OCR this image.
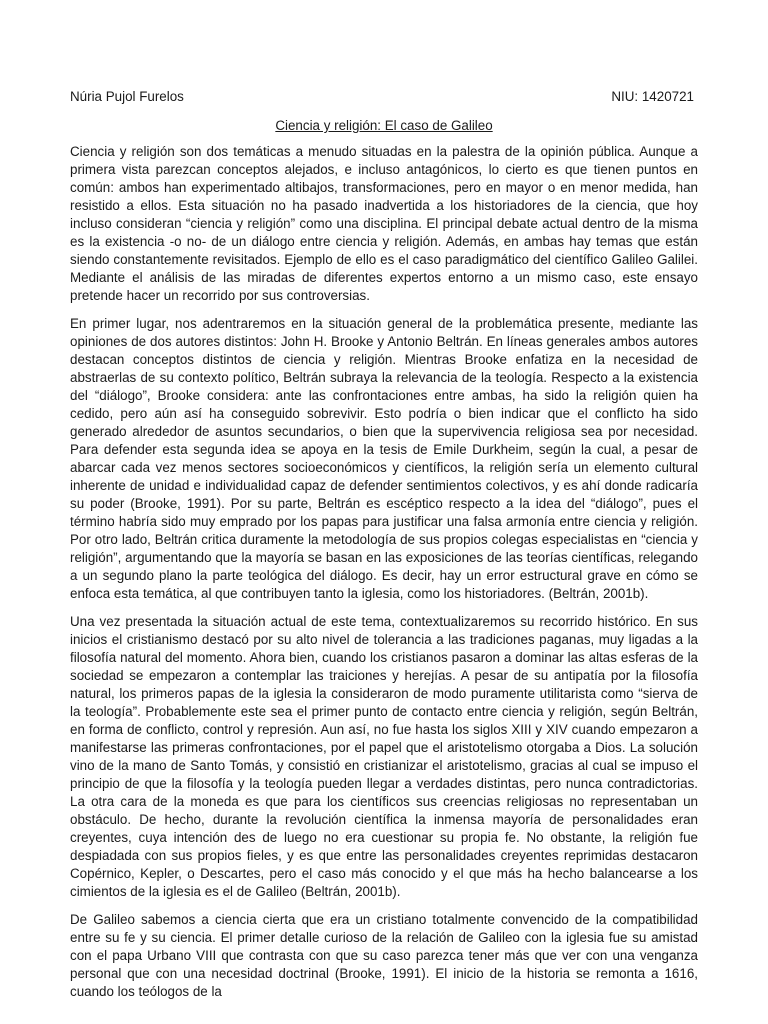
Núria Pujol Furelos	NIU: 1420721
Ciencia y religión: El caso de Galileo

Ciencia y religión son dos temáticas a menudo situadas en la palestra de la opinión pública. Aunque a primera vista parezcan conceptos alejados, e incluso antagónicos, lo cierto es que tienen puntos en común: ambos han experimentado altibajos, transformaciones, pero en mayor o en menor medida, han resistido a ellos. Esta situación no ha pasado inadvertida a los historiadores de la ciencia, que hoy incluso consideran “ciencia y religión” como una disciplina. El principal debate actual dentro de la misma es la existencia -o no- de un diálogo entre ciencia y religión. Además, en ambas hay temas que están siendo constantemente revisitados. Ejemplo de ello es el caso paradigmático del científico Galileo Galilei. Mediante el análisis de las miradas de diferentes expertos entorno a un mismo caso, este ensayo pretende hacer un recorrido por sus controversias.

En primer lugar, nos adentraremos en la situación general de la problemática presente, mediante las opiniones de dos autores distintos: John H. Brooke y Antonio Beltrán. En líneas generales ambos autores destacan conceptos distintos de ciencia y religión. Mientras Brooke enfatiza en la necesidad de abstraerlas de su contexto político, Beltrán subraya la relevancia de la teología. Respecto a la existencia del “diálogo”, Brooke considera: ante las confrontaciones entre ambas, ha sido la religión quien ha cedido, pero aún así ha conseguido sobrevivir. Esto podría o bien indicar que el conflicto ha sido generado alrededor de asuntos secundarios, o bien que la supervivencia religiosa sea por necesidad. Para defender esta segunda idea se apoya en la tesis de Emile Durkheim, según la cual, a pesar de abarcar cada vez menos sectores socioeconómicos y científicos, la religión sería un elemento cultural inherente de unidad e individualidad capaz de defender sentimientos colectivos, y es ahí donde radicaría su poder (Brooke, 1991). Por su parte, Beltrán es escéptico respecto a la idea del “diálogo”, pues el término habría sido muy emprado por los papas para justificar una falsa armonía entre ciencia y religión. Por otro lado, Beltrán critica duramente la metodología de sus propios colegas especialistas en “ciencia y religión”, argumentando que la mayoría se basan en las exposiciones de las teorías científicas, relegando a un segundo plano la parte teológica del diálogo. Es decir, hay un error estructural grave en cómo se enfoca esta temática, al que contribuyen tanto la iglesia, como los historiadores. (Beltrán, 2001b).

Una vez presentada la situación actual de este tema, contextualizaremos su recorrido histórico. En sus inicios el cristianismo destacó por su alto nivel de tolerancia a las tradiciones paganas, muy ligadas a la filosofía natural del momento. Ahora bien, cuando los cristianos pasaron a dominar las altas esferas de la sociedad se empezaron a contemplar las traiciones y herejías. A pesar de su antipatía por la filosofía natural, los primeros papas de la iglesia la consideraron de modo puramente utilitarista como “sierva de la teología”. Probablemente este sea el primer punto de contacto entre ciencia y religión, según Beltrán, en forma de conflicto, control y represión. Aun así, no fue hasta los siglos XIII y XIV cuando empezaron a manifestarse las primeras confrontaciones, por el papel que el aristotelismo otorgaba a Dios. La solución vino de la mano de Santo Tomás, y consistió en cristianizar el aristotelismo, gracias al cual se impuso el principio de que la filosofía y la teología pueden llegar a verdades distintas, pero nunca contradictorias. La otra cara de la moneda es que para los científicos sus creencias religiosas no representaban un obstáculo. De hecho, durante la revolución científica la inmensa mayoría de personalidades eran creyentes, cuya intención des de luego no era cuestionar su propia fe. No obstante, la religión fue despiadada con sus propios fieles, y es que entre las personalidades creyentes reprimidas destacaron Copérnico, Kepler, o Descartes, pero el caso más conocido y el que más ha hecho balancearse a los cimientos de la iglesia es el de Galileo (Beltrán, 2001b).

De Galileo sabemos a ciencia cierta que era un cristiano totalmente convencido de la compatibilidad entre su fe y su ciencia. El primer detalle curioso de la relación de Galileo con la iglesia fue su amistad con el papa Urbano VIII que contrasta con que su caso parezca tener más que ver con una venganza personal que con una necesidad doctrinal (Brooke, 1991). El inicio de la historia se remonta a 1616, cuando los teólogos de la
